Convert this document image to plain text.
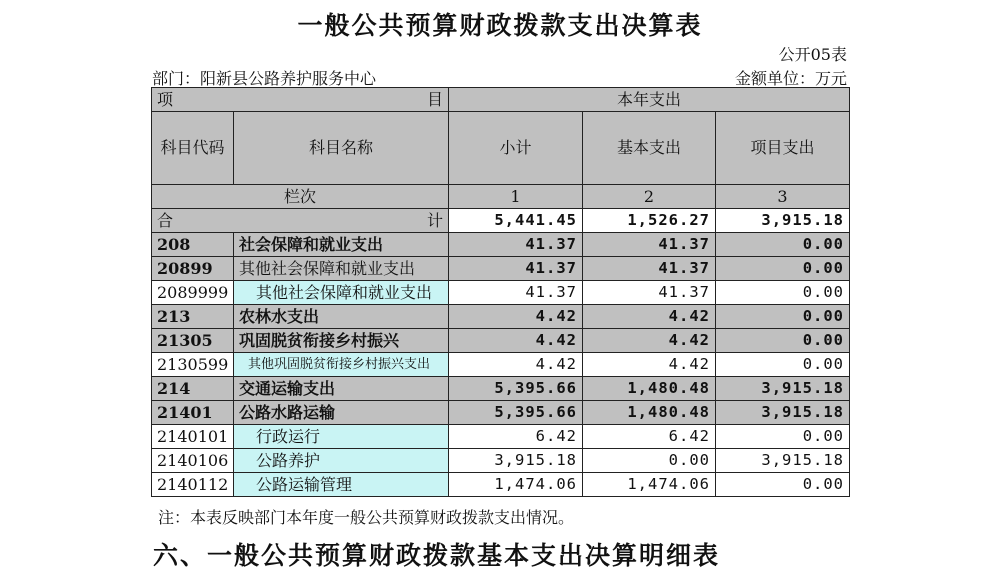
一般公共预算财政拨款支出决算表
公开05表
部门：阳新县公路养护服务中心	金额单位：万元
项 目		本年支出		
科目代码	科目名称	小计	基本支出	项目支出
栏次		1	2	3

合 计		5,441.45	1,526.27	3,915.18
208	社会保障和就业支出	41.37	41.37	0.00
20899	其他社会保障和就业支出	41.37	41.37	0.00
2089999	其他社会保障和就业支出	41.37	41.37	0.00
213	农林水支出	4.42	4.42	0.00
21305	巩固脱贫衔接乡村振兴	4.42	4.42	0.00
2130599	其他巩固脱贫衔接乡村振兴支出	4.42	4.42	0.00
214	交通运输支出	5,395.66	1,480.48	3,915.18
21401	公路水路运输	5,395.66	1,480.48	3,915.18
2140101	行政运行	6.42	6.42	0.00
2140106	公路养护	3,915.18	0.00	3,915.18
2140112	公路运输管理	1,474.06	1,474.06	0.00
注：本表反映部门本年度一般公共预算财政拨款支出情况。
六、一般公共预算财政拨款基本支出决算明细表
